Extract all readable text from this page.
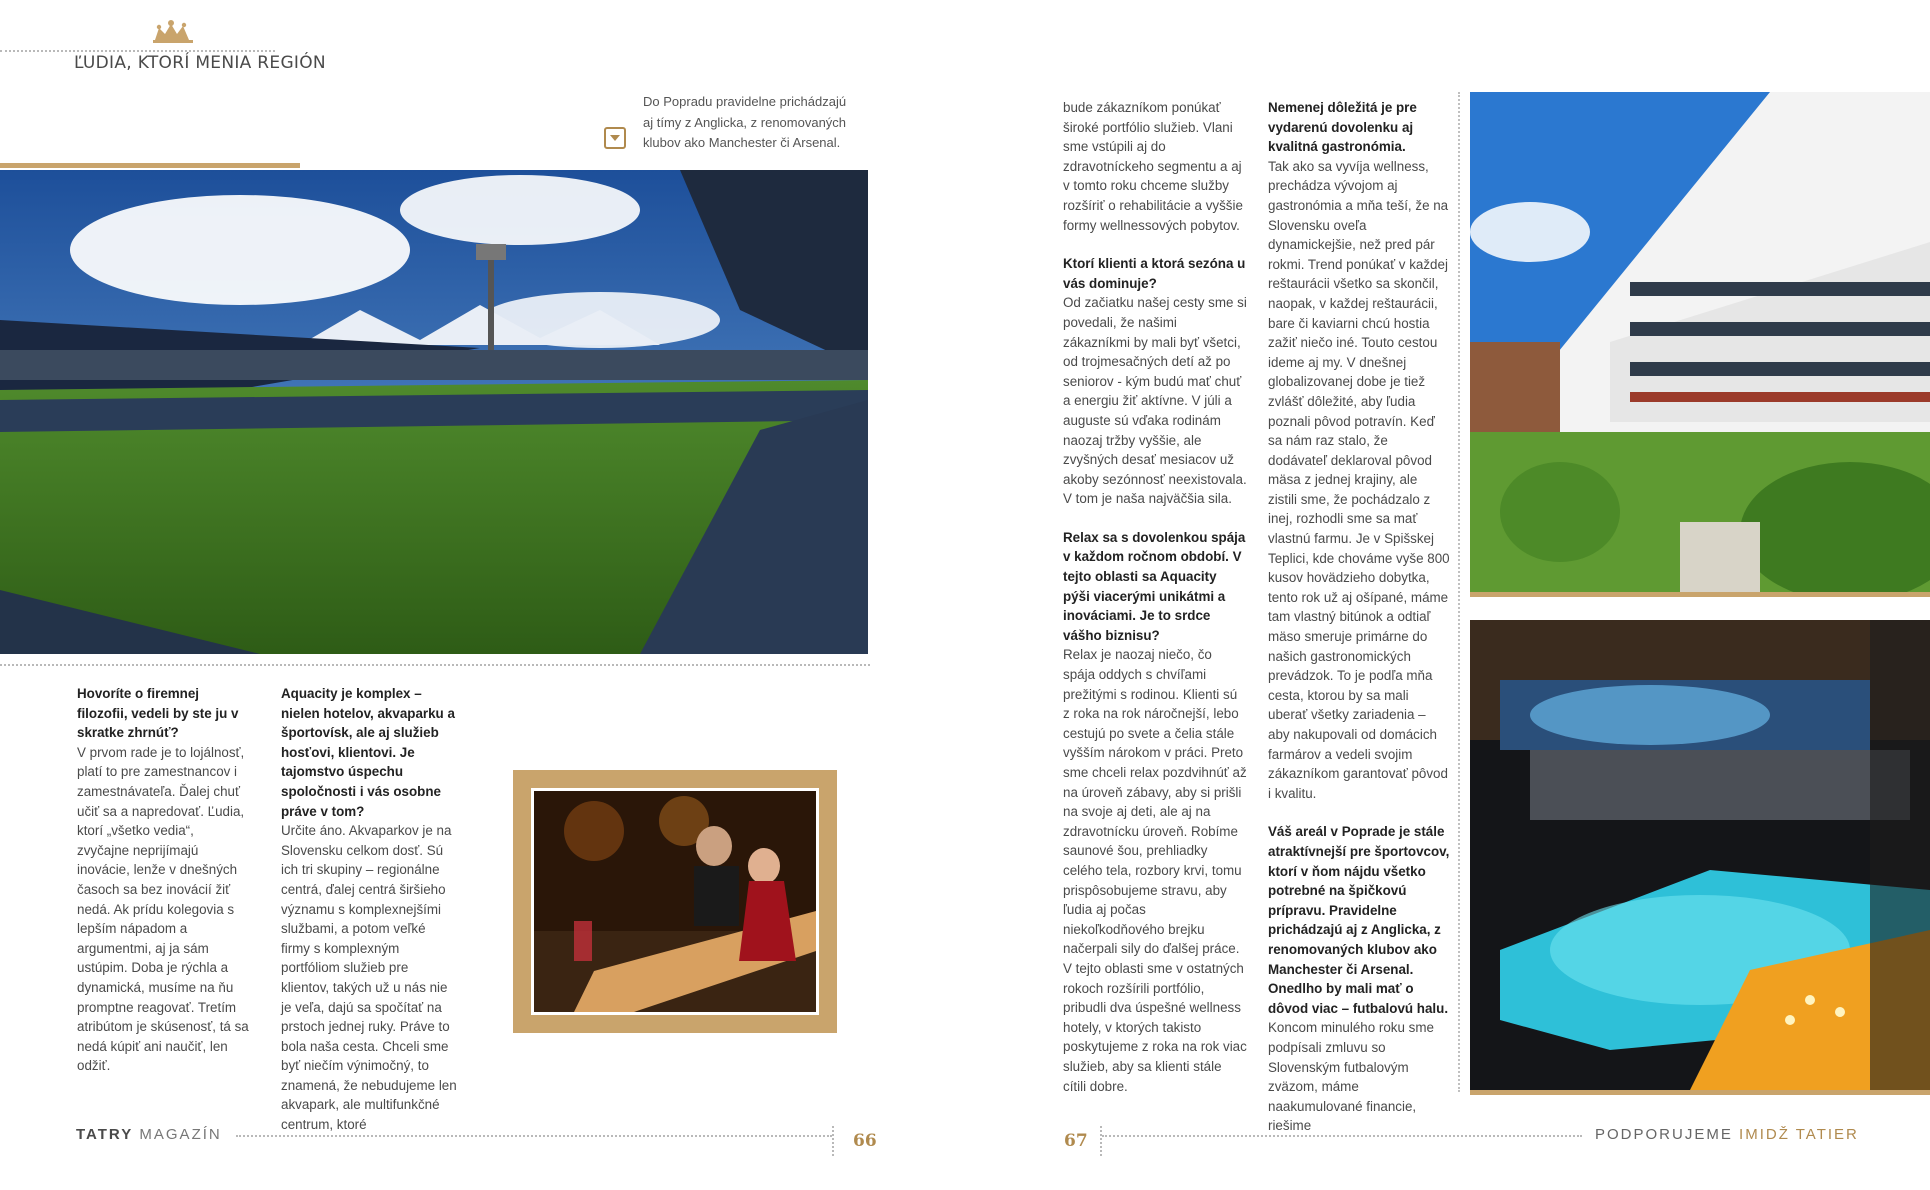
ĽUDIA, KTORÍ MENIA REGIÓN
Do Popradu pravidelne prichádzajú aj tímy z Anglicka, z renomovaných klubov ako Manchester či Arsenal.

Hovoríte o firemnej filozofii, vedeli by ste ju v skratke zhrnúť?

V prvom rade je to lojálnosť, platí to pre zamestnancov i zamestnávateľa. Ďalej chuť učiť sa a napredovať. Ľudia, ktorí „všetko vedia“, zvyčajne neprijímajú inovácie, lenže v dnešných časoch sa bez inovácií žiť nedá. Ak prídu kolegovia s lepším nápadom a argumentmi, aj ja sám ustúpim. Doba je rýchla a dynamická, musíme na ňu promptne reagovať. Tretím atribútom je skúsenosť, tá sa nedá kúpiť ani naučiť, len odžiť.

Aquacity je komplex – nielen hotelov, akvaparku a športovísk, ale aj služieb hosťovi, klientovi. Je tajomstvo úspechu spoločnosti i vás osobne práve v tom?

Určite áno. Akvaparkov je na Slovensku celkom dosť. Sú ich tri skupiny – regionálne centrá, ďalej centrá širšieho významu s komplexnejšími službami, a potom veľké firmy s komplexným portfóliom služieb pre klientov, takých už u nás nie je veľa, dajú sa spočítať na prstoch jednej ruky. Práve to bola naša cesta. Chceli sme byť niečím výnimočný, to znamená, že nebudujeme len akvapark, ale multifunkčné centrum, ktoré

bude zákazníkom ponúkať široké portfólio služieb. Vlani sme vstúpili aj do zdravotníckeho segmentu a aj v tomto roku chceme služby rozšíriť o rehabilitácie a vyššie formy wellnessových pobytov.

Ktorí klienti a ktorá sezóna u vás dominuje?

Od začiatku našej cesty sme si povedali, že našimi zákazníkmi by mali byť všetci, od trojmesačných detí až po seniorov - kým budú mať chuť a energiu žiť aktívne. V júli a auguste sú vďaka rodinám naozaj tržby vyššie, ale zvyšných desať mesiacov už akoby sezónnosť neexistovala. V tom je naša najväčšia sila.

Relax sa s dovolenkou spája v každom ročnom období. V tejto oblasti sa Aquacity pýši viacerými unikátmi a inováciami. Je to srdce vášho biznisu?

Relax je naozaj niečo, čo spája oddych s chvíľami prežitými s rodinou. Klienti sú z roka na rok náročnejší, lebo cestujú po svete a čelia stále vyšším nárokom v práci. Preto sme chceli relax pozdvihnúť až na úroveň zábavy, aby si prišli na svoje aj deti, ale aj na zdravotnícku úroveň. Robíme saunové šou, prehliadky celého tela, rozbory krvi, tomu prispôsobujeme stravu, aby ľudia aj počas niekoľkodňového brejku načerpali sily do ďalšej práce. V tejto oblasti sme v ostatných rokoch rozšírili portfólio, pribudli dva úspešné wellness hotely, v ktorých takisto poskytujeme z roka na rok viac služieb, aby sa klienti stále cítili dobre.

Nemenej dôležitá je pre vydarenú dovolenku aj kvalitná gastronómia.

Tak ako sa vyvíja wellness, prechádza vývojom aj gastronómia a mňa teší, že na Slovensku oveľa dynamickejšie, než pred pár rokmi. Trend ponúkať v každej reštaurácii všetko sa skončil, naopak, v každej reštaurácii, bare či kaviarni chcú hostia zažiť niečo iné. Touto cestou ideme aj my. V dnešnej globalizovanej dobe je tiež zvlášť dôležité, aby ľudia poznali pôvod potravín. Keď sa nám raz stalo, že dodávateľ deklaroval pôvod mäsa z jednej krajiny, ale zistili sme, že pochádzalo z inej, rozhodli sme sa mať vlastnú farmu. Je v Spišskej Teplici, kde chováme vyše 800 kusov hovädzieho dobytka, tento rok už aj ošípané, máme tam vlastný bitúnok a odtiaľ mäso smeruje primárne do našich gastronomických prevádzok. To je podľa mňa cesta, ktorou by sa mali uberať všetky zariadenia – aby nakupovali od domácich farmárov a vedeli svojim zákazníkom garantovať pôvod i kvalitu.

Váš areál v Poprade je stále atraktívnejší pre športovcov, ktorí v ňom nájdu všetko potrebné na špičkovú prípravu. Pravidelne prichádzajú aj z Anglicka, z renomovaných klubov ako Manchester či Arsenal. Onedlho by mali mať o dôvod viac – futbalovú halu.

Koncom minulého roku sme podpísali zmluvu so Slovenským futbalovým zväzom, máme naakumulované financie, riešime

TATRY MAGAZÍN	66	67	PODPORUJEME IMIDŽ TATIER
